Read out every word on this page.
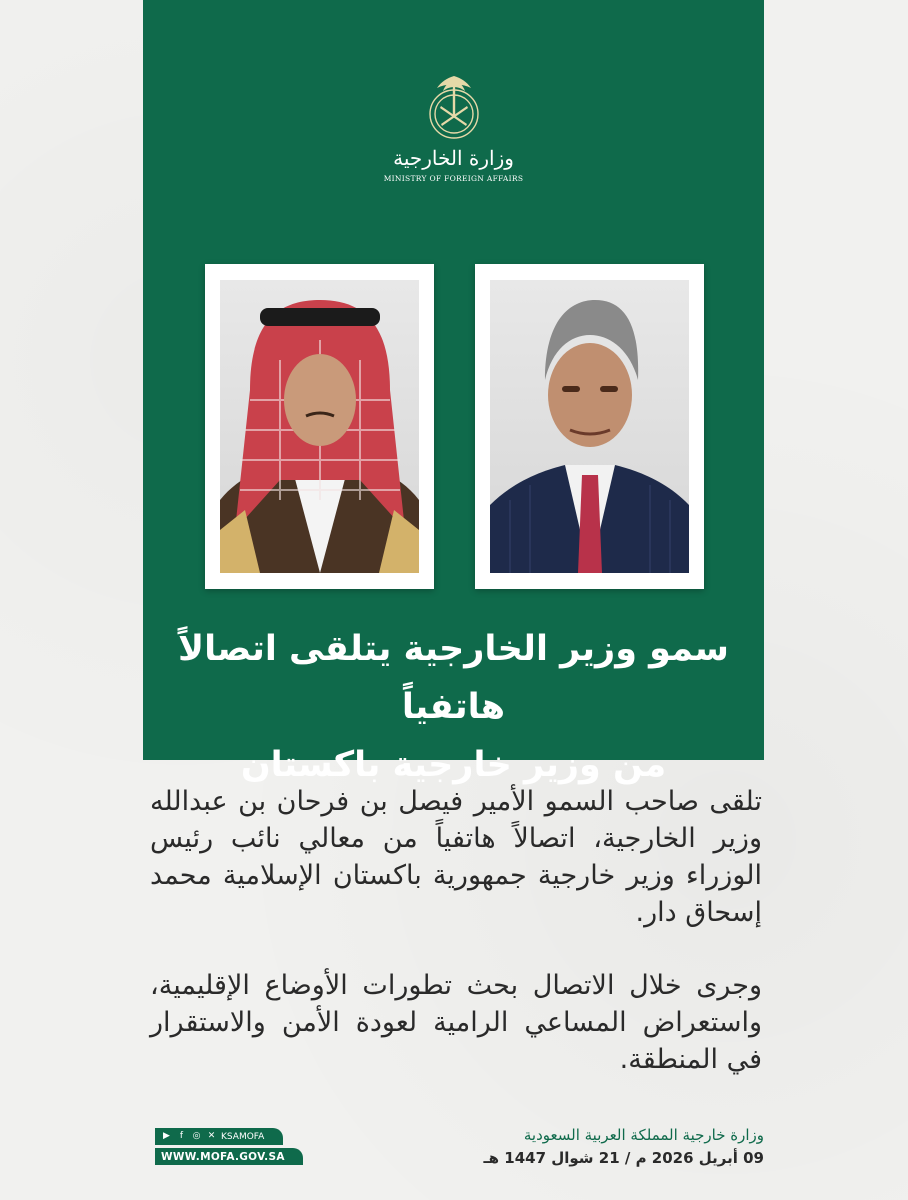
وزارة الخارجية
MINISTRY OF FOREIGN AFFAIRS
سمو وزير الخارجية يتلقى اتصالاً هاتفياً
من وزير خارجية باكستان

تلقى صاحب السمو الأمير فيصل بن فرحان بن عبدالله وزير الخارجية، اتصالاً هاتفياً من معالي نائب رئيس الوزراء وزير خارجية جمهورية باكستان الإسلامية محمد إسحاق دار.

وجرى خلال الاتصال بحث تطورات الأوضاع الإقليمية، واستعراض المساعي الرامية لعودة الأمن والاستقرار في المنطقة.

▶	f	◎ ✕ KSAMOFA
WWW.MOFA.GOV.SA
وزارة خارجية المملكة العربية السعودية
09 أبريل 2026 م / 21 شوال 1447 هـ
